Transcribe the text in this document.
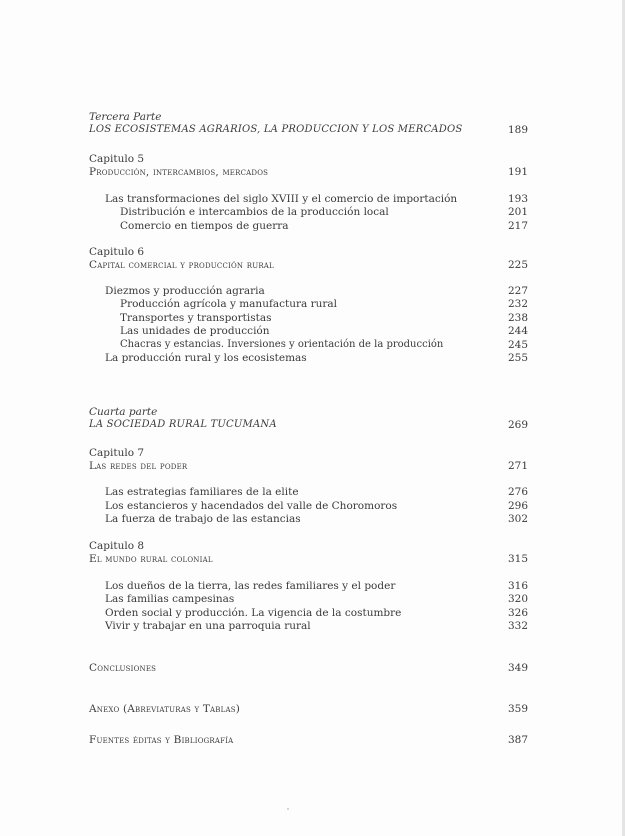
Tercera Parte
LOS ECOSISTEMAS AGRARIOS, LA PRODUCCION Y LOS MERCADOS	189
Capitulo 5
Producción, intercambios, mercados	191
Las transformaciones del siglo XVIII y el comercio de importación	193
Distribución e intercambios de la producción local	201
Comercio en tiempos de guerra	217
Capitulo 6
Capital comercial y producción rural	225
Diezmos y producción agraria	227
Producción agrícola y manufactura rural	232
Transportes y transportistas	238
Las unidades de producción	244
Chacras y estancias. Inversiones y orientación de la producción	245
La producción rural y los ecosistemas	255
Cuarta parte
LA SOCIEDAD RURAL TUCUMANA	269
Capitulo 7
Las redes del poder	271
Las estrategias familiares de la elite	276
Los estancieros y hacendados del valle de Choromoros	296
La fuerza de trabajo de las estancias	302
Capitulo 8
El mundo rural colonial	315
Los dueños de la tierra, las redes familiares y el poder	316
Las familias campesinas	320
Orden social y producción. La vigencia de la costumbre	326
Vivir y trabajar en una parroquia rural	332
Conclusiones	349
Anexo (Abreviaturas y Tablas)	359
Fuentes éditas y Bibliografía	387
